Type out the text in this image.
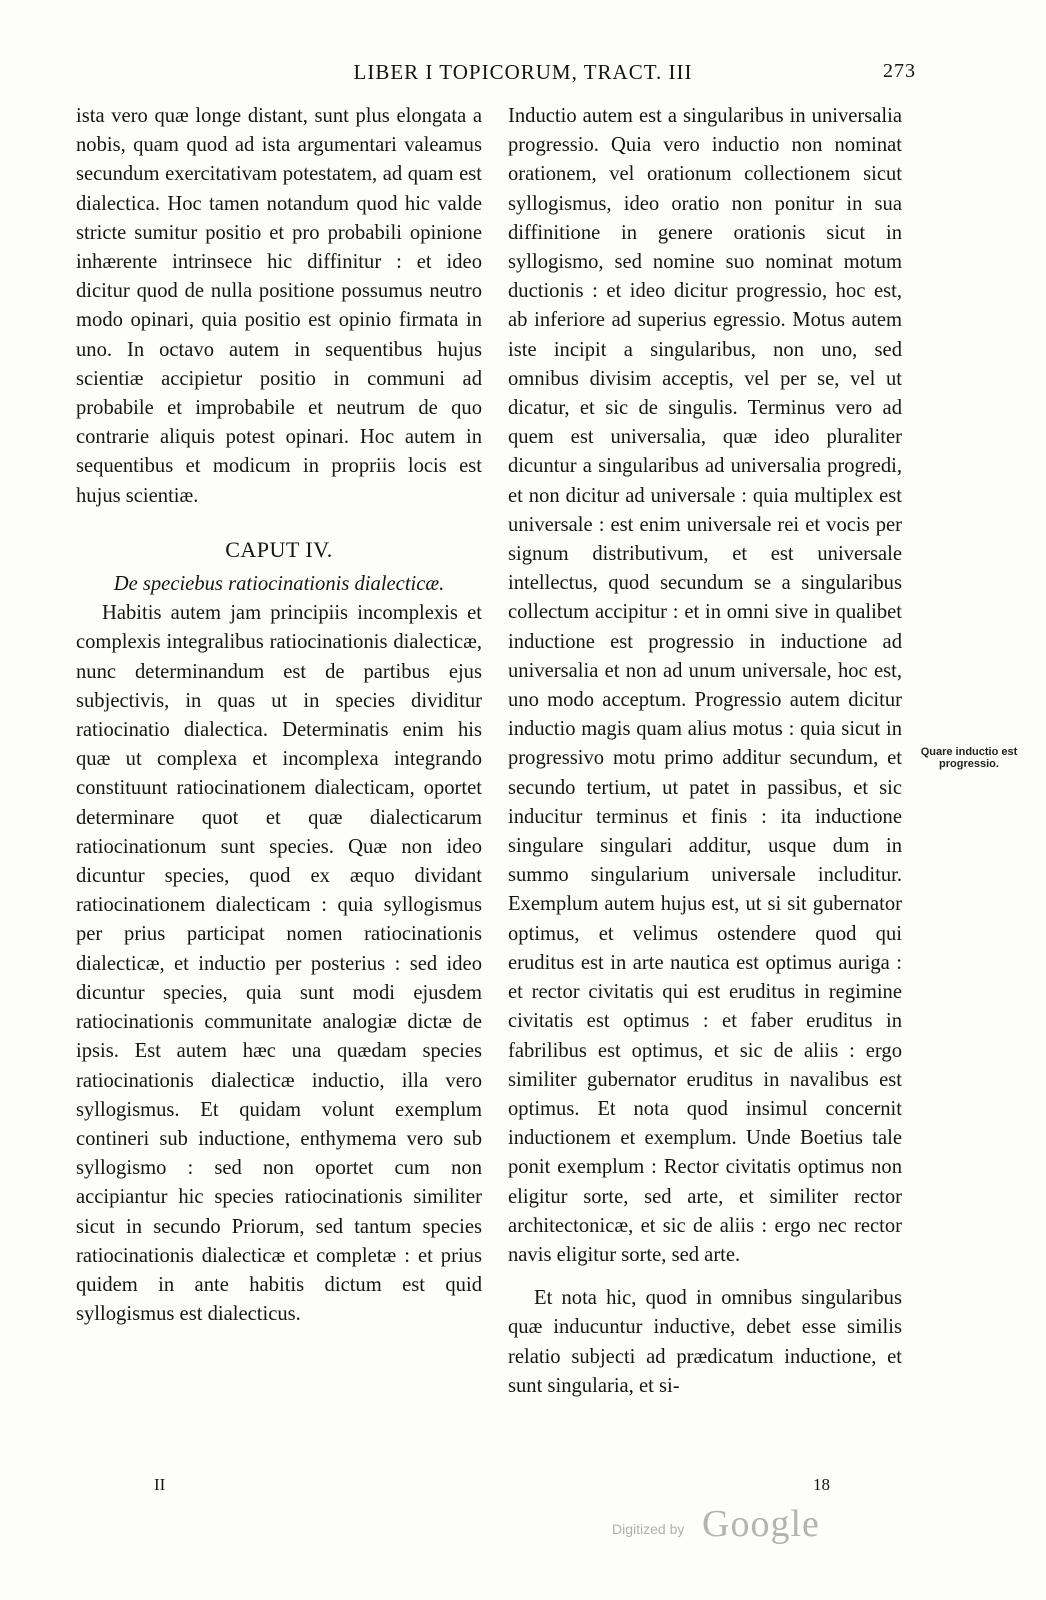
LIBER I TOPICORUM, TRACT. III	273

ista vero quæ longe distant, sunt plus elongata a nobis, quam quod ad ista argumentari valeamus secundum exercitativam potestatem, ad quam est dialectica. Hoc tamen notandum quod hic valde stricte sumitur positio et pro probabili opinione inhærente intrinsece hic diffinitur : et ideo dicitur quod de nulla positione possumus neutro modo opinari, quia positio est opinio firmata in uno. In octavo autem in sequentibus hujus scientiæ accipietur positio in communi ad probabile et improbabile et neutrum de quo contrarie aliquis potest opinari. Hoc autem in sequentibus et modicum in propriis locis est hujus scientiæ.

CAPUT IV.

De speciebus ratiocinationis dialecticæ.

Habitis autem jam principiis incomplexis et complexis integralibus ratiocinationis dialecticæ, nunc determinandum est de partibus ejus subjectivis, in quas ut in species dividitur ratiocinatio dialectica. Determinatis enim his quæ ut complexa et incomplexa integrando constituunt ratiocinationem dialecticam, oportet determinare quot et quæ dialecticarum ratiocinationum sunt species. Quæ non ideo dicuntur species, quod ex æquo dividant ratiocinationem dialecticam : quia syllogismus per prius participat nomen ratiocinationis dialecticæ, et inductio per posterius : sed ideo dicuntur species, quia sunt modi ejusdem ratiocinationis communitate analogiæ dictæ de ipsis. Est autem hæc una quædam species ratiocinationis dialecticæ inductio, illa vero syllogismus. Et quidam volunt exemplum contineri sub inductione, enthymema vero sub syllogismo : sed non oportet cum non accipiantur hic species ratiocinationis similiter sicut in secundo Priorum, sed tantum species ratiocinationis dialecticæ et completæ : et prius quidem in ante habitis dictum est quid syllogismus est dialecticus.

Inductio autem est a singularibus in universalia progressio. Quia vero inductio non nominat orationem, vel orationum collectionem sicut syllogismus, ideo oratio non ponitur in sua diffinitione in genere orationis sicut in syllogismo, sed nomine suo nominat motum ductionis : et ideo dicitur progressio, hoc est, ab inferiore ad superius egressio. Motus autem iste incipit a singularibus, non uno, sed omnibus divisim acceptis, vel per se, vel ut dicatur, et sic de singulis. Terminus vero ad quem est universalia, quæ ideo pluraliter dicuntur a singularibus ad universalia progredi, et non dicitur ad universale : quia multiplex est universale : est enim universale rei et vocis per signum distributivum, et est universale intellectus, quod secundum se a singularibus collectum accipitur : et in omni sive in qualibet inductione est progressio in inductione ad universalia et non ad unum universale, hoc est, uno modo acceptum. Progressio autem dicitur inductio magis quam alius motus : quia sicut in progressivo motu primo additur secundum, et secundo tertium, ut patet in passibus, et sic inducitur terminus et finis : ita inductione singulare singulari additur, usque dum in summo singularium universale includitur. Exemplum autem hujus est, ut si sit gubernator optimus, et velimus ostendere quod qui eruditus est in arte nautica est optimus auriga : et rector civitatis qui est eruditus in regimine civitatis est optimus : et faber eruditus in fabrilibus est optimus, et sic de aliis : ergo similiter gubernator eruditus in navalibus est optimus. Et nota quod insimul concernit inductionem et exemplum. Unde Boetius tale ponit exemplum : Rector civitatis optimus non eligitur sorte, sed arte, et similiter rector architectonicæ, et sic de aliis : ergo nec rector navis eligitur sorte, sed arte.

Et nota hic, quod in omnibus singularibus quæ inducuntur inductive, debet esse similis relatio subjecti ad prædicatum inductione, et sunt singularia, et si-

Quare inductio est progressio.
II	18
Digitized by Google
